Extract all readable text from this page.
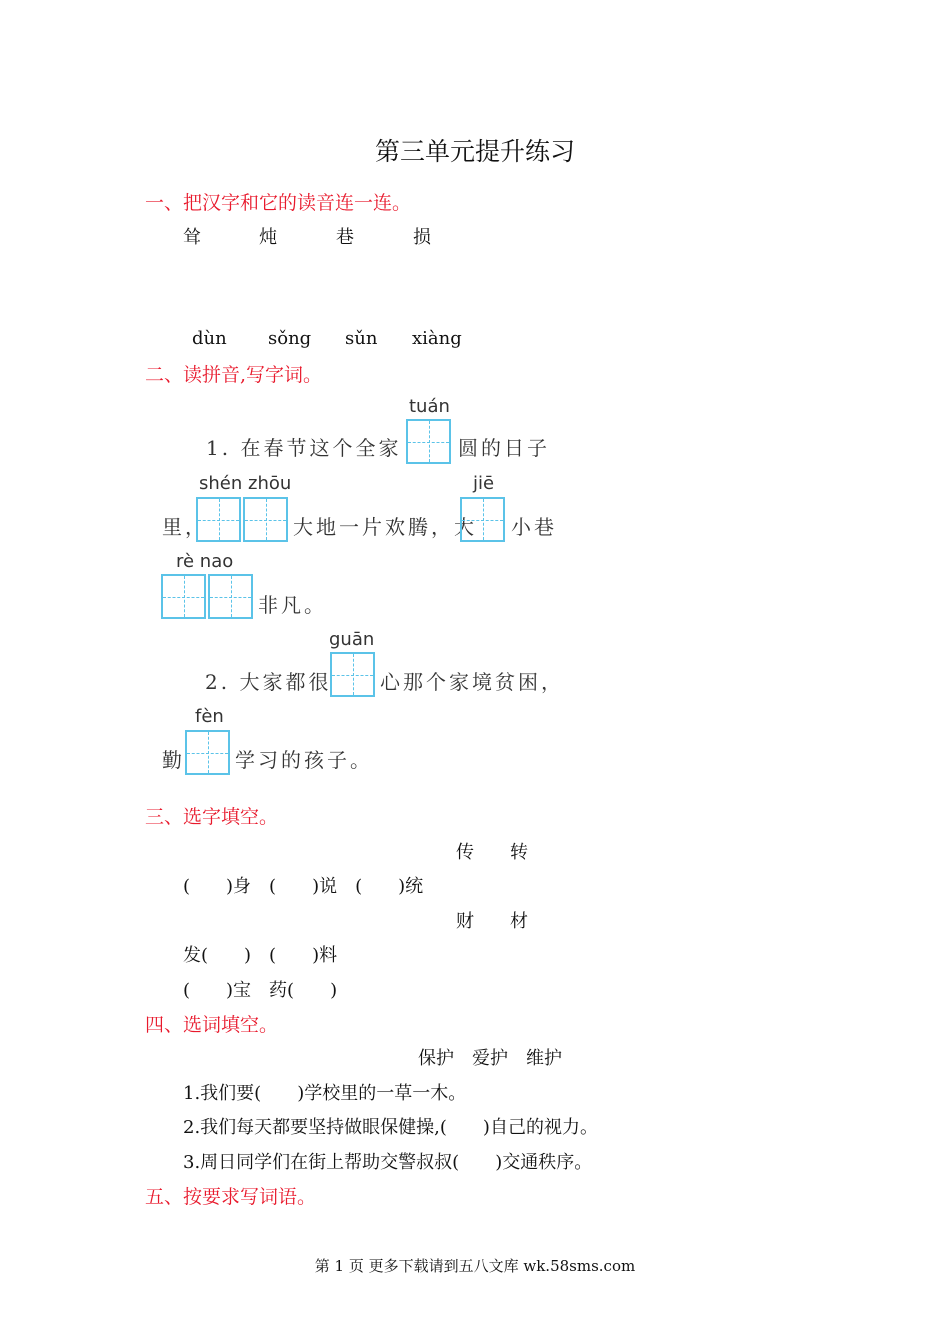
第三单元提升练习
一、把汉字和它的读音连一连。
耸	炖	巷	损
dùn sǒng sǔn xiàng
二、读拼音,写字词。
tuán
1. 在春节这个全家	圆的日子
shén zhōu	jiē
里，	大地一片欢腾，大 小巷
rè nao
非凡。
guān
2. 大家都很 心那个家境贫困，
fèn
勤	学习的孩子。
三、选字填空。
传　　转
(　　)身　(　　)说　(　　)统
财　　材
发(　　)　(　　)料
(　　)宝　药(　　)
四、选词填空。
保护　爱护　维护
1.我们要(　　)学校里的一草一木。
2.我们每天都要坚持做眼保健操,(　　)自己的视力。
3.周日同学们在街上帮助交警叔叔(　　)交通秩序。
五、按要求写词语。
第 1 页 更多下载请到五八文库 wk.58sms.com
